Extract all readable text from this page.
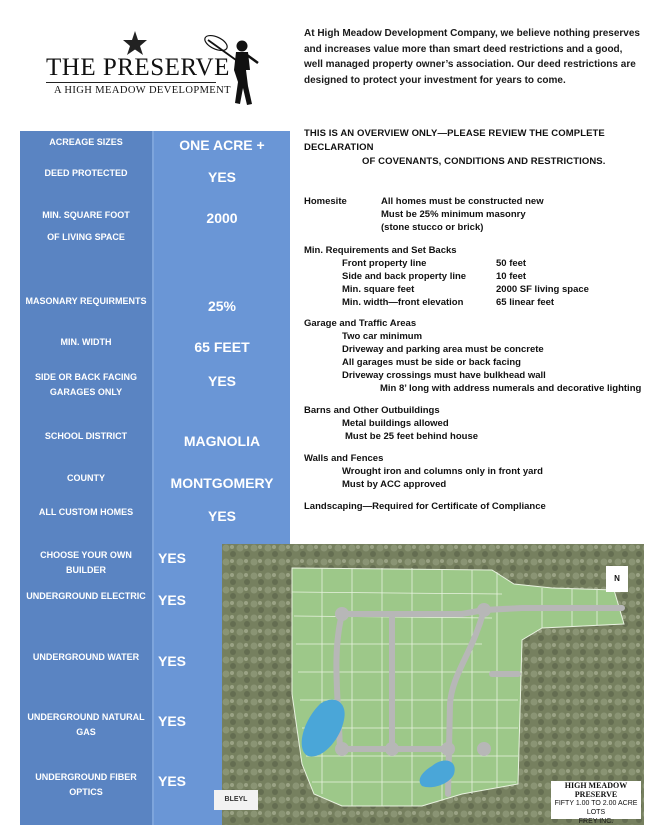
THE PRESERVE
A HIGH MEADOW DEVELOPMENT
At High Meadow Development Company, we believe nothing preserves and increases value more than smart deed restrictions and a good, well managed property owner’s association. Our deed restrictions are designed to protect your investment for years to come.
ACREAGE SIZES	ONE ACRE +
DEED PROTECTED	YES
MIN. SQUARE FOOT
OF LIVING SPACE
2000
MASONARY REQUIRMENTS	25%
MIN. WIDTH	65 FEET
SIDE OR BACK FACING
GARAGES ONLY
YES
SCHOOL DISTRICT	MAGNOLIA
COUNTY	MONTGOMERY
ALL CUSTOM HOMES	YES
CHOOSE YOUR OWN
BUILDER
YES
UNDERGROUND ELECTRIC YES
UNDERGROUND WATER	YES
UNDERGROUND NATURAL
GAS
YES
UNDERGROUND FIBER
OPTICS
YES
THIS IS AN OVERVIEW ONLY—PLEASE REVIEW THE COMPLETE DECLARATION
OF COVENANTS, CONDITIONS AND RESTRICTIONS.
Homesite	All homes must be constructed new
Must be 25% minimum masonry
(stone stucco or brick)
Min. Requirements and Set Backs
Front property line	50 feet
Side and back property line	10 feet
Min. square feet	2000 SF living space
Min. width—front elevation	65 linear feet
Garage and Traffic Areas
Two car minimum
Driveway and parking area must be concrete
All garages must be side or back facing
Driveway crossings must have bulkhead wall
Min 8’ long with address numerals and decorative lighting
Barns and Other Outbuildings
Metal buildings allowed
Must be 25 feet behind house
Walls and Fences
Wrought iron and columns only in front yard
Must by ACC approved
Landscaping—Required for Certificate of Compliance
N
BLEYL
HIGH MEADOW PRESERVE
FIFTY 1.00 TO 2.00 ACRE LOTS
FREY INC.
